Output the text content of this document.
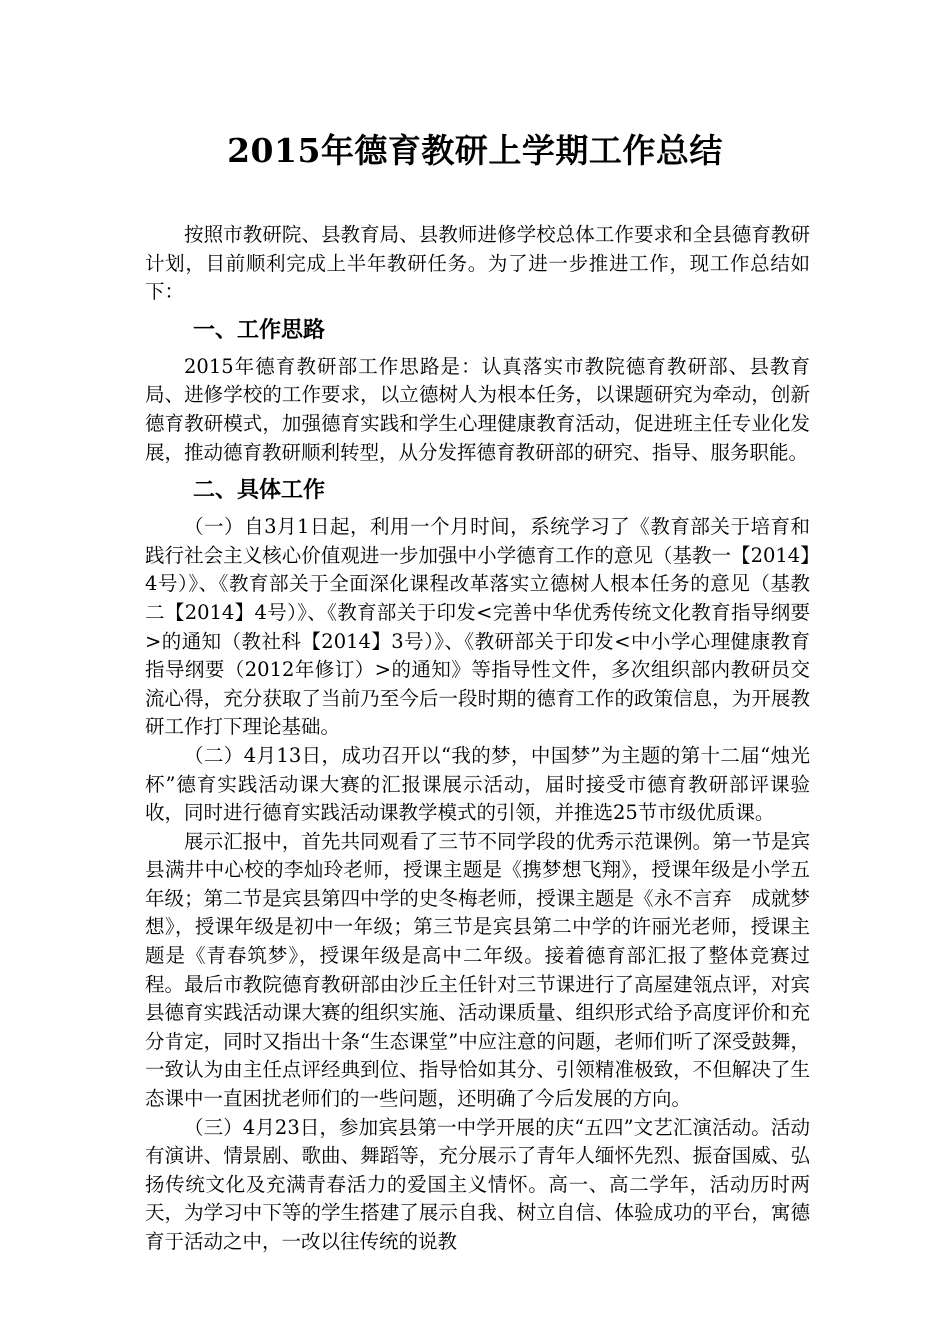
2015年德育教研上学期工作总结

按照市教研院、县教育局、县教师进修学校总体工作要求和全县德育教研计划，目前顺利完成上半年教研任务。为了进一步推进工作，现工作总结如下：

一、工作思路

2015年德育教研部工作思路是：认真落实市教院德育教研部、县教育局、进修学校的工作要求，以立德树人为根本任务，以课题研究为牵动，创新德育教研模式，加强德育实践和学生心理健康教育活动，促进班主任专业化发展，推动德育教研顺利转型，从分发挥德育教研部的研究、指导、服务职能。

二、具体工作

（一）自3月1日起，利用一个月时间，系统学习了《教育部关于培育和践行社会主义核心价值观进一步加强中小学德育工作的意见（基教一【2014】4号）》、《教育部关于全面深化课程改革落实立德树人根本任务的意见（基教二【2014】4号）》、《教育部关于印发<完善中华优秀传统文化教育指导纲要>的通知（教社科【2014】3号）》、《教研部关于印发<中小学心理健康教育指导纲要（2012年修订）>的通知》等指导性文件，多次组织部内教研员交流心得，充分获取了当前乃至今后一段时期的德育工作的政策信息，为开展教研工作打下理论基础。

（二）4月13日，成功召开以“我的梦，中国梦”为主题的第十二届“烛光杯”德育实践活动课大赛的汇报课展示活动，届时接受市德育教研部评课验收，同时进行德育实践活动课教学模式的引领，并推选25节市级优质课。

展示汇报中，首先共同观看了三节不同学段的优秀示范课例。第一节是宾县满井中心校的李灿玲老师，授课主题是《携梦想飞翔》，授课年级是小学五年级；第二节是宾县第四中学的史冬梅老师，授课主题是《永不言弃　成就梦想》，授课年级是初中一年级；第三节是宾县第二中学的许丽光老师，授课主题是《青春筑梦》，授课年级是高中二年级。接着德育部汇报了整体竞赛过程。最后市教院德育教研部由沙丘主任针对三节课进行了高屋建瓴点评，对宾县德育实践活动课大赛的组织实施、活动课质量、组织形式给予高度评价和充分肯定，同时又指出十条“生态课堂”中应注意的问题，老师们听了深受鼓舞，一致认为由主任点评经典到位、指导恰如其分、引领精准极致，不但解决了生态课中一直困扰老师们的一些问题，还明确了今后发展的方向。

（三）4月23日，参加宾县第一中学开展的庆“五四”文艺汇演活动。活动有演讲、情景剧、歌曲、舞蹈等，充分展示了青年人缅怀先烈、振奋国威、弘扬传统文化及充满青春活力的爱国主义情怀。高一、高二学年，活动历时两天，为学习中下等的学生搭建了展示自我、树立自信、体验成功的平台，寓德育于活动之中，一改以往传统的说教
